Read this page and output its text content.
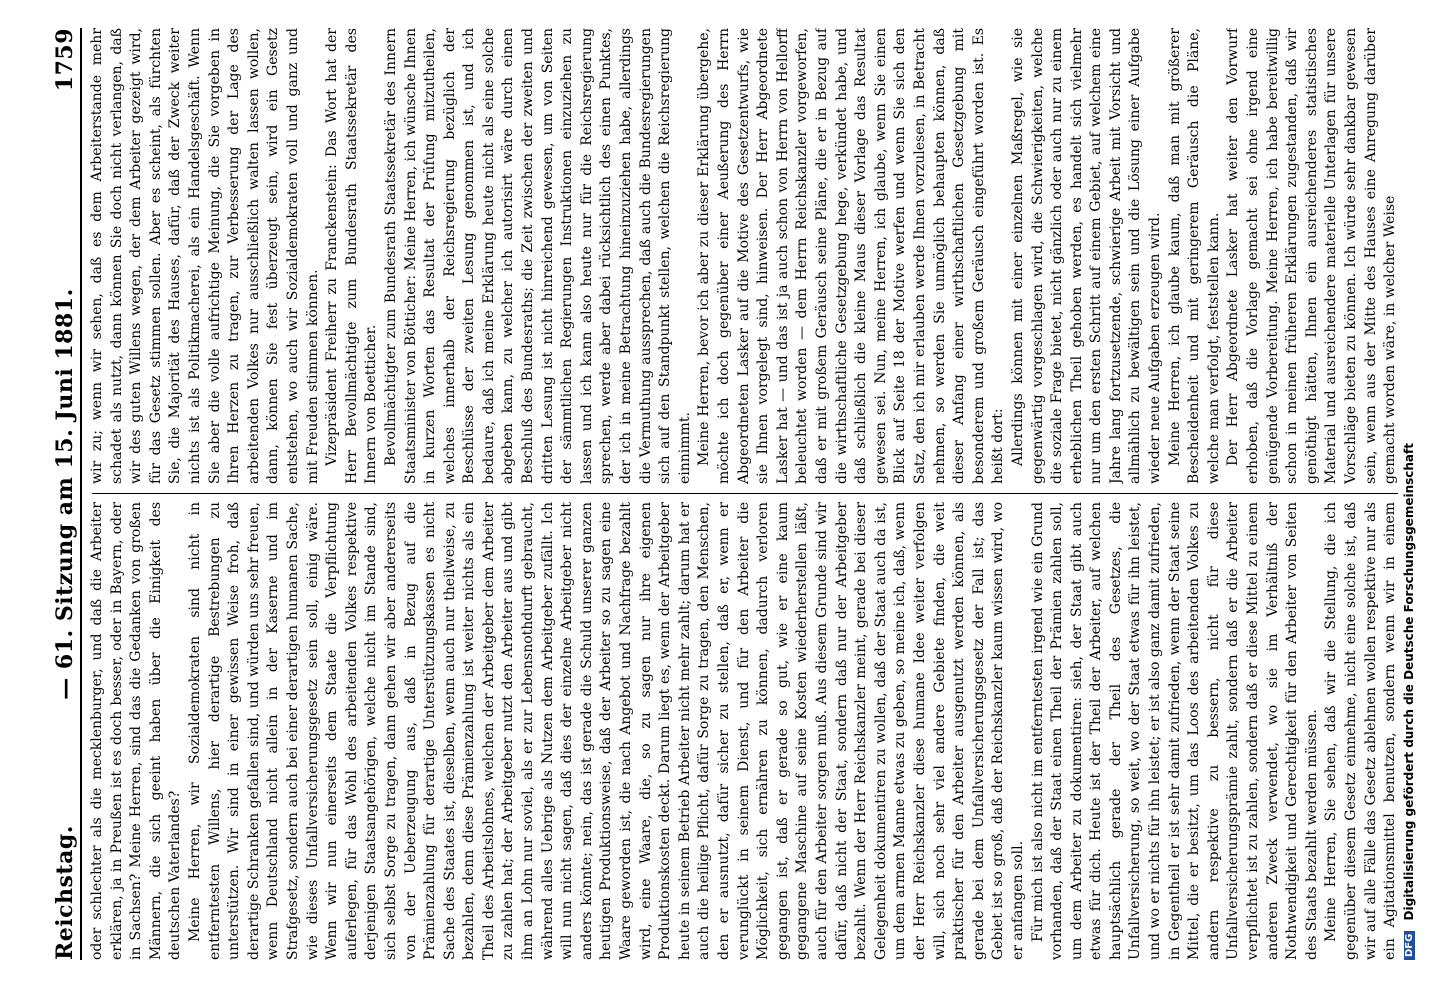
Reichstag.
— 61. Sitzung am 15. Juni 1881.
1759

oder schlechter als die mecklenburger, und daß die Arbeiter erklären, ja in Preußen ist es doch besser, oder in Bayern, oder in Sachsen? Meine Herren, sind das die Gedanken von großen Männern, die sich geeint haben über die Einigkeit des deutschen Vaterlandes? Meine Herren, wir Sozialdemokraten sind nicht in entferntesten Willens, hier derartige Bestrebungen zu unterstützen. Wir sind in einer gewissen Weise froh, daß derartige Schranken gefallen sind, und würden uns sehr freuen, wenn Deutschland nicht allein in der Kaserne und im Strafgesetz, sondern auch bei einer derartigen humanen Sache, wie dieses Unfallversicherungsgesetz sein soll, einig wäre. Wenn wir nun einerseits dem Staate die Verpflichtung auferlegen, für das Wohl des arbeitenden Volkes respektive derjenigen Staatsangehörigen, welche nicht im Stande sind, sich selbst Sorge zu tragen, dann gehen wir aber andererseits von der Ueberzeugung aus, daß in Bezug auf die Prämienzahlung für derartige Unterstützungskassen es nicht Sache des Staates ist, dieselben, wenn auch nur theilweise, zu bezahlen, denn diese Prämienzahlung ist weiter nichts als ein Theil des Arbeitslohnes, welchen der Arbeitgeber dem Arbeiter zu zahlen hat; der Arbeitgeber nutzt den Arbeiter aus und gibt ihm an Lohn nur soviel, als er zur Lebensnothdurft gebraucht, während alles Uebrige als Nutzen dem Arbeitgeber zufällt. Ich will nun nicht sagen, daß dies der einzelne Arbeitgeber nicht anders könnte; nein, das ist gerade die Schuld unserer ganzen heutigen Produktionsweise, daß der Arbeiter so zu sagen eine Waare geworden ist, die nach Angebot und Nachfrage bezahlt wird, eine Waare, die, so zu sagen nur ihre eigenen Produktionskosten deckt. Darum liegt es, wenn der Arbeitgeber heute in seinem Betrieb Arbeiter nicht mehr zahlt; darum hat er auch die heilige Pflicht, dafür Sorge zu tragen, den Menschen, den er ausnutzt, dafür sicher zu stellen, daß er, wenn er verunglückt in seinem Dienst, und für den Arbeiter die Möglichkeit, sich ernähren zu können, dadurch verloren gegangen ist, daß er gerade so gut, wie er eine kaum gegangene Maschine auf seine Kosten wiederherstellen läßt, auch für den Arbeiter sorgen muß. Aus diesem Grunde sind wir dafür, daß nicht der Staat, sondern daß nur der Arbeitgeber bezahlt. Wenn der Herr Reichskanzler meint, gerade bei dieser Gelegenheit dokumentiren zu wollen, daß der Staat auch da ist, um dem armen Manne etwas zu geben, so meine ich, daß, wenn der Herr Reichskanzler diese humane Idee weiter verfolgen will, sich noch sehr viel andere Gebiete finden, die weit praktischer für den Arbeiter ausgenutzt werden können, als gerade bei dem Unfallversicherungsgesetz der Fall ist; das Gebiet ist so groß, daß der Reichskanzler kaum wissen wird, wo er anfangen soll. Für mich ist also nicht im entferntesten irgend wie ein Grund vorhanden, daß der Staat einen Theil der Prämien zahlen soll, um dem Arbeiter zu dokumentiren: sieh, der Staat gibt auch etwas für dich. Heute ist der Theil der Arbeiter, auf welchen hauptsächlich gerade der Theil des Gesetzes, die Unfallversicherung, so weit, wo der Staat etwas für ihn leistet, und wo er nichts für ihn leistet; er ist also ganz damit zufrieden, in Gegentheil er ist sehr damit zufrieden, wenn der Staat seine Mittel, die er besitzt, um das Loos des arbeitenden Volkes zu andern respektive zu bessern, nicht für diese Unfallversicherungsprämie zahlt, sondern daß er die Arbeiter verpflichtet ist zu zahlen, sondern daß er diese Mittel zu einem anderen Zweck verwendet, wo sie im Verhältniß der Nothwendigkeit und Gerechtigkeit für den Arbeiter von Seiten des Staats bezahlt werden müssen. Meine Herren, Sie sehen, daß wir die Stellung, die ich gegenüber diesem Gesetz einnehme, nicht eine solche ist, daß wir auf alle Fälle das Gesetz ablehnen wollen respektive nur als ein Agitationsmittel benutzen, sondern wenn wir in einem

wir zu; wenn wir sehen, daß es dem Arbeiterstande mehr schadet als nutzt, dann können Sie doch nicht verlangen, daß wir des guten Willens wegen, der dem Arbeiter gezeigt wird, für das Gesetz stimmen sollen. Aber es scheint, als fürchten Sie, die Majorität des Hauses, dafür, daß der Zweck weiter nichts ist als Politikmacherei, als ein Handelsgeschäft. Wenn Sie aber die volle aufrichtige Meinung, die Sie vorgeben in Ihren Herzen zu tragen, zur Verbesserung der Lage des arbeitenden Volkes nur ausschließlich walten lassen wollen, dann, können Sie fest überzeugt sein, wird ein Gesetz entstehen, wo auch wir Sozialdemokraten voll und ganz und mit Freuden stimmen können. Vizepräsident Freiherr zu Franckenstein: Das Wort hat der Herr Bevollmächtigte zum Bundesrath Staatssekretär des Innern von Boetticher. Bevollmächtigter zum Bundesrath Staatssekretär des Innern Staatsminister von Bötticher: Meine Herren, ich wünsche Ihnen in kurzen Worten das Resultat der Prüfung mitzutheilen, welches innerhalb der Reichsregierung bezüglich der Beschlüsse der zweiten Lesung genommen ist, und ich bedaure, daß ich meine Erklärung heute nicht als eine solche abgeben kann, zu welcher ich autorisirt wäre durch einen Beschluß des Bundesraths; die Zeit zwischen der zweiten und dritten Lesung ist nicht hinreichend gewesen, um von Seiten der sämmtlichen Regierungen Instruktionen einzuziehen zu lassen und ich kann also heute nur für die Reichsregierung sprechen, werde aber dabei rücksichtlich des einen Punktes, der ich in meine Betrachtung hineinzuziehen habe, allerdings die Vermuthung aussprechen, daß auch die Bundesregierungen sich auf den Standpunkt stellen, welchen die Reichsregierung einnimmt. Meine Herren, bevor ich aber zu dieser Erklärung übergehe, möchte ich doch gegenüber einer Aeußerung des Herrn Abgeordneten Lasker auf die Motive des Gesetzentwurfs, wie sie Ihnen vorgelegt sind, hinweisen. Der Herr Abgeordnete Lasker hat — und das ist ja auch schon von Herrn von Hellorff beleuchtet worden — dem Herrn Reichskanzler vorgeworfen, daß er mit großem Geräusch seine Pläne, die er in Bezug auf die wirthschaftliche Gesetzgebung hege, verkündet habe, und daß schließlich die kleine Maus dieser Vorlage das Resultat gewesen sei. Nun, meine Herren, ich glaube, wenn Sie einen Blick auf Seite 18 der Motive werfen und wenn Sie sich den Satz, den ich mir erlauben werde Ihnen vorzulesen, in Betracht nehmen, so werden Sie unmöglich behaupten können, daß dieser Anfang einer wirthschaftlichen Gesetzgebung mit besonderem und großem Geräusch eingeführt worden ist. Es heißt dort: Allerdings können mit einer einzelnen Maßregel, wie sie gegenwärtig vorgeschlagen wird, die Schwierigkeiten, welche die soziale Frage bietet, nicht gänzlich oder auch nur zu einem erheblichen Theil gehoben werden, es handelt sich vielmehr nur um den ersten Schritt auf einem Gebiet, auf welchem eine Jahre lang fortzusetzende, schwierige Arbeit mit Vorsicht und allmählich zu bewältigen sein und die Lösung einer Aufgabe wieder neue Aufgaben erzeugen wird. Meine Herren, ich glaube kaum, daß man mit größerer Bescheidenheit und mit geringerem Geräusch die Pläne, welche man verfolgt, feststellen kann. Der Herr Abgeordnete Lasker hat weiter den Vorwurf erhoben, daß die Vorlage gemacht sei ohne irgend eine genügende Vorbereitung. Meine Herren, ich habe bereitwillig schon in meinen früheren Erklärungen zugestanden, daß wir genöthigt hätten, Ihnen ein ausreichenderes statistisches Material und ausreichendere materielle Unterlagen für unsere Vorschläge bieten zu können. Ich würde sehr dankbar gewesen sein, wenn aus der Mitte des Hauses eine Anregung darüber gemacht worden wäre, in welcher Weise

DFG Digitalisierung gefördert durch die Deutsche Forschungsgemeinschaft
